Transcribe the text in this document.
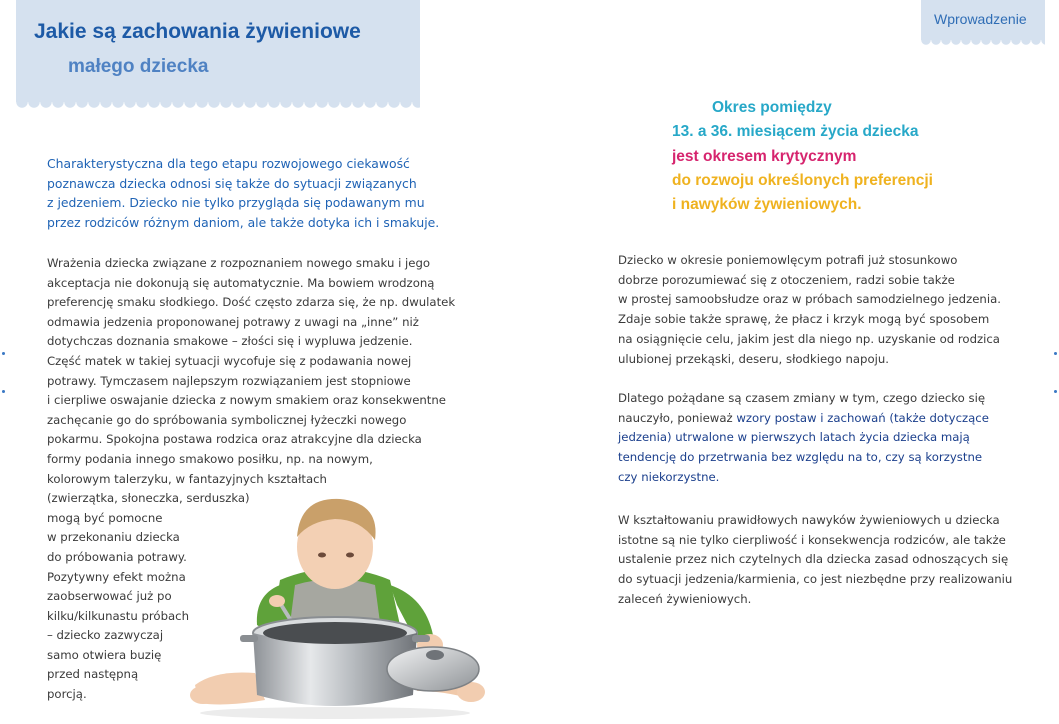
Jakie są zachowania żywieniowe
małego dziecka
Wprowadzenie
Charakterystyczna dla tego etapu rozwojowego ciekawość
poznawcza dziecka odnosi się także do sytuacji związanych
z jedzeniem. Dziecko nie tylko przygląda się podawanym mu
przez rodziców różnym daniom, ale także dotyka ich i smakuje.
Wrażenia dziecka związane z rozpoznaniem nowego smaku i jego
akceptacja nie dokonują się automatycznie. Ma bowiem wrodzoną
preferencję smaku słodkiego. Dość często zdarza się, że np. dwulatek
odmawia jedzenia proponowanej potrawy z uwagi na „inne” niż
dotychczas doznania smakowe – złości się i wypluwa jedzenie.
Część matek w takiej sytuacji wycofuje się z podawania nowej
potrawy. Tymczasem najlepszym rozwiązaniem jest stopniowe
i cierpliwe oswajanie dziecka z nowym smakiem oraz konsekwentne
zachęcanie go do spróbowania symbolicznej łyżeczki nowego
pokarmu. Spokojna postawa rodzica oraz atrakcyjne dla dziecka
formy podania innego smakowo posiłku, np. na nowym,
kolorowym talerzyku, w fantazyjnych kształtach
(zwierzątka, słoneczka, serduszka)
mogą być pomocne
w przekonaniu dziecka
do próbowania potrawy.
Pozytywny efekt można
zaobserwować już po
kilku/kilkunastu próbach
– dziecko zazwyczaj
samo otwiera buzię
przed następną
porcją.
Okres pomiędzy
13. a 36. miesiącem życia dziecka
jest okresem krytycznym
do rozwoju określonych preferencji
i nawyków żywieniowych.
Dziecko w okresie poniemowlęcym potrafi już stosunkowo
dobrze porozumiewać się z otoczeniem, radzi sobie także
w prostej samoobsłudze oraz w próbach samodzielnego jedzenia.
Zdaje sobie także sprawę, że płacz i krzyk mogą być sposobem
na osiągnięcie celu, jakim jest dla niego np. uzyskanie od rodzica
ulubionej przekąski, deseru, słodkiego napoju.
Dlatego pożądane są czasem zmiany w tym, czego dziecko się
nauczyło, ponieważ wzory postaw i zachowań (także dotyczące
jedzenia) utrwalone w pierwszych latach życia dziecka mają
tendencję do przetrwania bez względu na to, czy są korzystne
czy niekorzystne.
W kształtowaniu prawidłowych nawyków żywieniowych u dziecka
istotne są nie tylko cierpliwość i konsekwencja rodziców, ale także
ustalenie przez nich czytelnych dla dziecka zasad odnoszących się
do sytuacji jedzenia/karmienia, co jest niezbędne przy realizowaniu
zaleceń żywieniowych.
